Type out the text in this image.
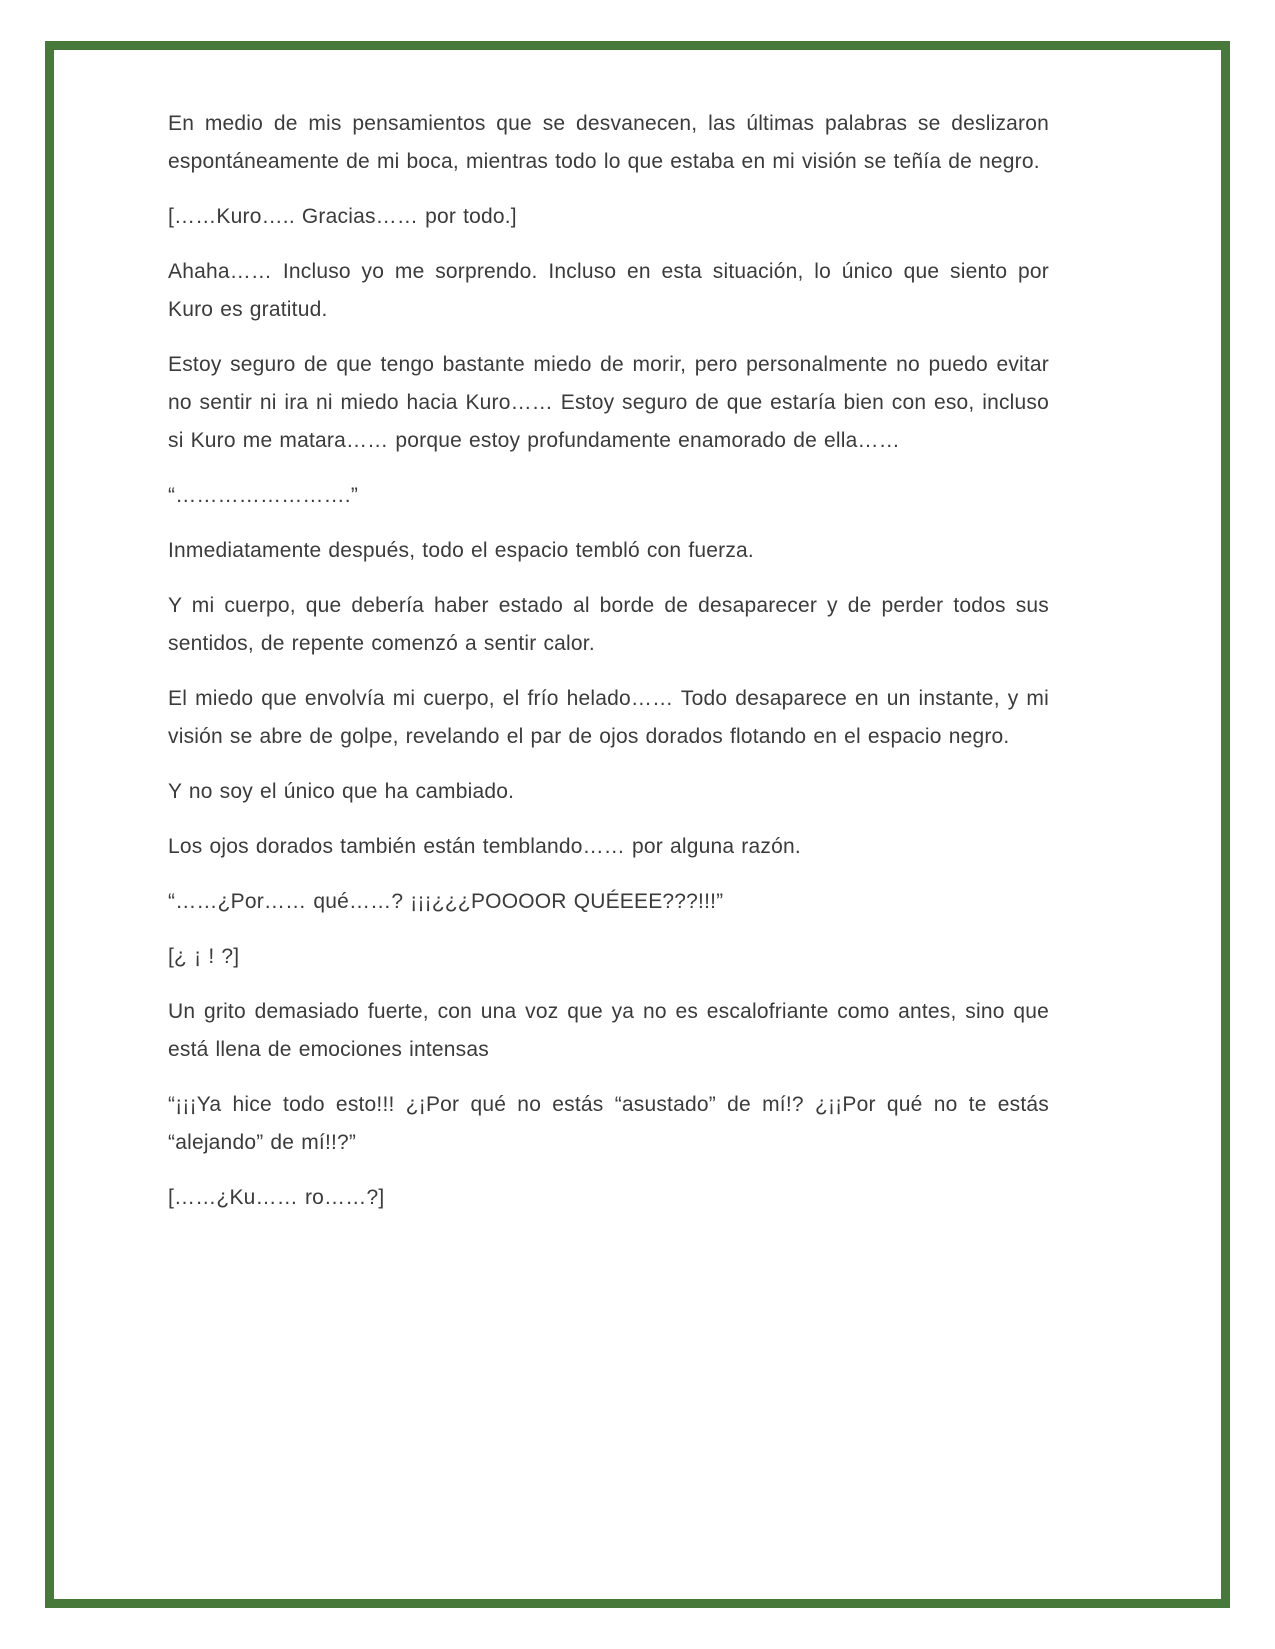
En medio de mis pensamientos que se desvanecen, las últimas palabras se deslizaron espontáneamente de mi boca, mientras todo lo que estaba en mi visión se teñía de negro.

[……Kuro….. Gracias…… por todo.]

Ahaha…… Incluso yo me sorprendo. Incluso en esta situación, lo único que siento por Kuro es gratitud.

Estoy seguro de que tengo bastante miedo de morir, pero personalmente no puedo evitar no sentir ni ira ni miedo hacia Kuro…… Estoy seguro de que estaría bien con eso, incluso si Kuro me matara…… porque estoy profundamente enamorado de ella……

“…………………….”

Inmediatamente después, todo el espacio tembló con fuerza.

Y mi cuerpo, que debería haber estado al borde de desaparecer y de perder todos sus sentidos, de repente comenzó a sentir calor.

El miedo que envolvía mi cuerpo, el frío helado…… Todo desaparece en un instante, y mi visión se abre de golpe, revelando el par de ojos dorados flotando en el espacio negro.

Y no soy el único que ha cambiado.

Los ojos dorados también están temblando…… por alguna razón.

“……¿Por…… qué……? ¡¡¡¿¿¿POOOOR QUÉEEE???!!!”

[¿ ¡ ! ?]

Un grito demasiado fuerte, con una voz que ya no es escalofriante como antes, sino que está llena de emociones intensas

“¡¡¡Ya hice todo esto!!! ¿¡Por qué no estás “asustado” de mí!? ¿¡¡Por qué no te estás “alejando” de mí!!?”

[……¿Ku…… ro……?]
